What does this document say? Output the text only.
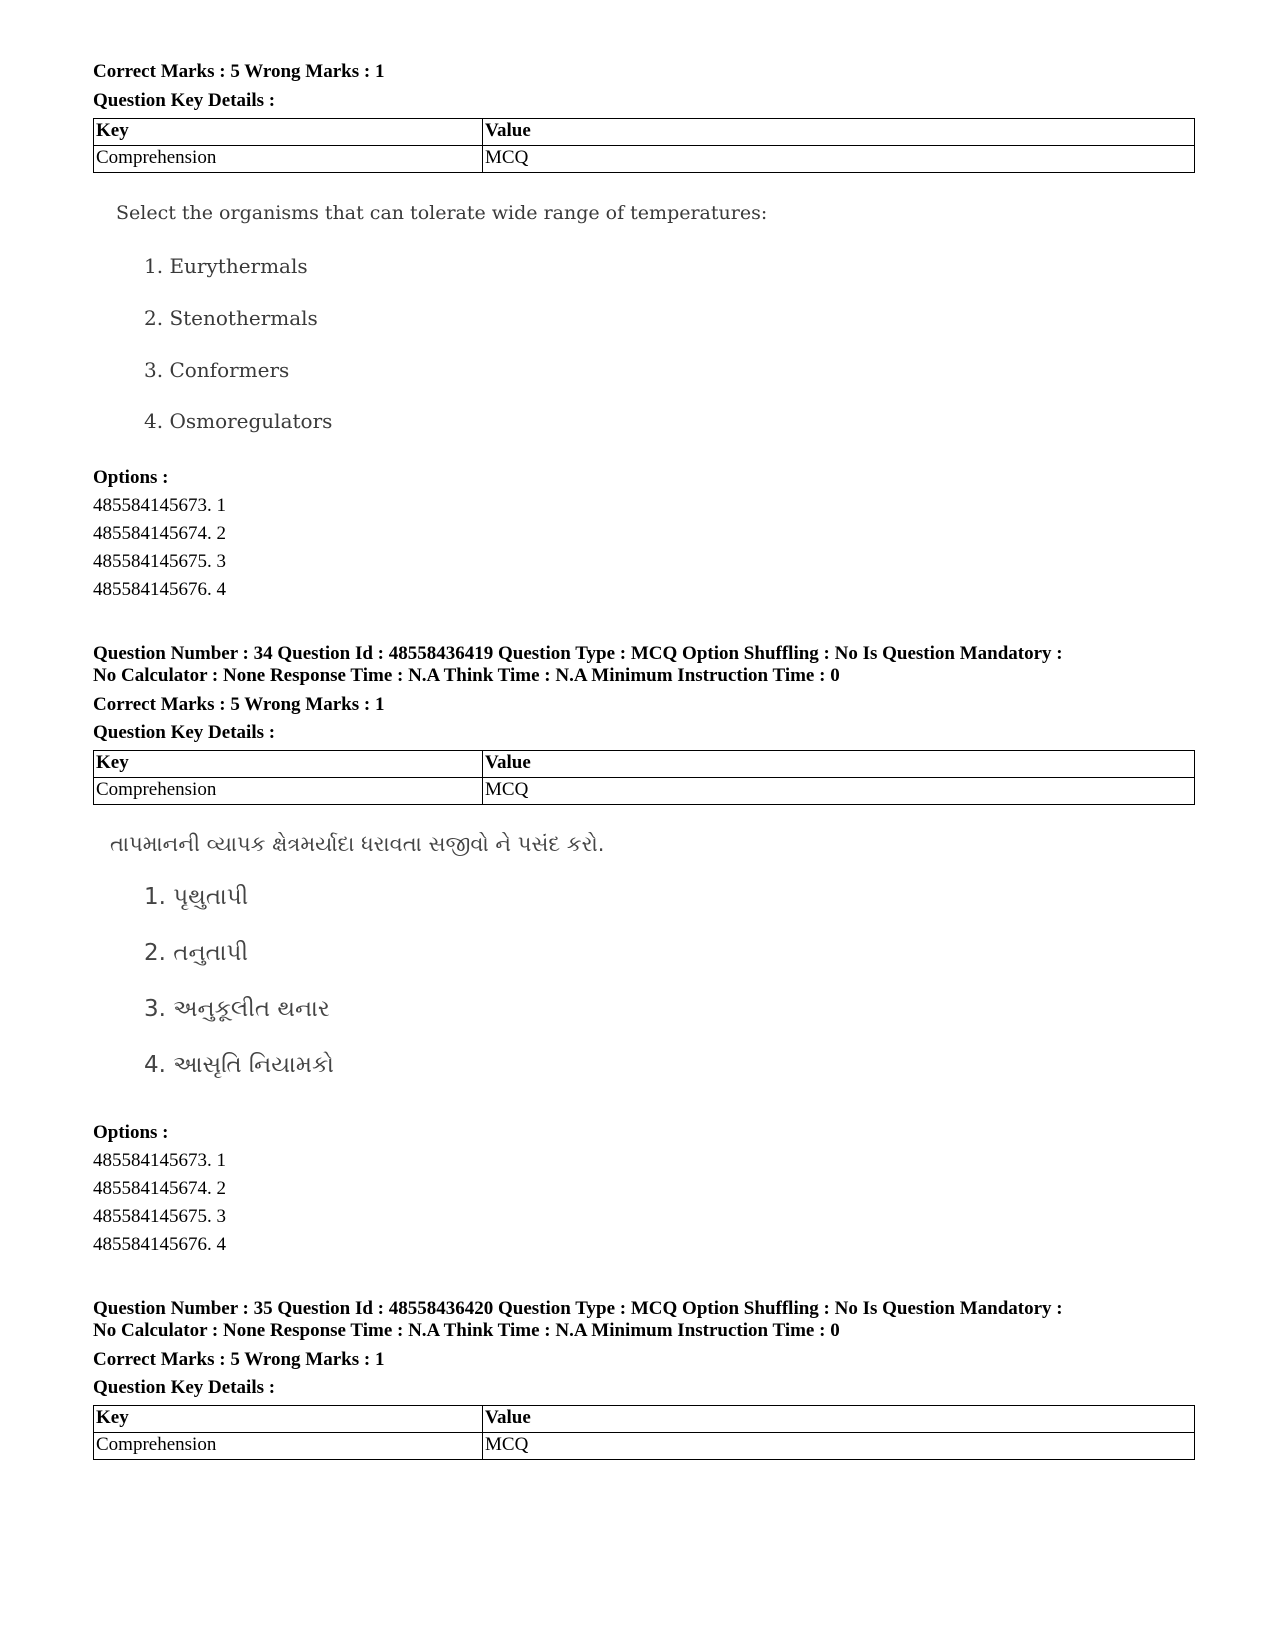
Correct Marks : 5 Wrong Marks : 1
Question Key Details :
Key	Value
Comprehension	MCQ
Select the organisms that can tolerate wide range of temperatures:
1. Eurythermals
2. Stenothermals
3. Conformers
4. Osmoregulators
Options :
485584145673. 1
485584145674. 2
485584145675. 3
485584145676. 4
Question Number : 34 Question Id : 48558436419 Question Type : MCQ Option Shuffling : No Is Question Mandatory :
No Calculator : None Response Time : N.A Think Time : N.A Minimum Instruction Time : 0
Correct Marks : 5 Wrong Marks : 1
Question Key Details :
Key	Value
Comprehension	MCQ
તાપમાનની વ્યાપક ક્ષેત્રમર્યાદા ધરાવતા સજીવો ને પસંદ કરો.
1. પૃથુતાપી
2. તનુતાપી
3. અનુકૂલીત થનાર
4. આસૃતિ નિયામકો
Options :
485584145673. 1
485584145674. 2
485584145675. 3
485584145676. 4
Question Number : 35 Question Id : 48558436420 Question Type : MCQ Option Shuffling : No Is Question Mandatory :
No Calculator : None Response Time : N.A Think Time : N.A Minimum Instruction Time : 0
Correct Marks : 5 Wrong Marks : 1
Question Key Details :
Key	Value
Comprehension	MCQ
